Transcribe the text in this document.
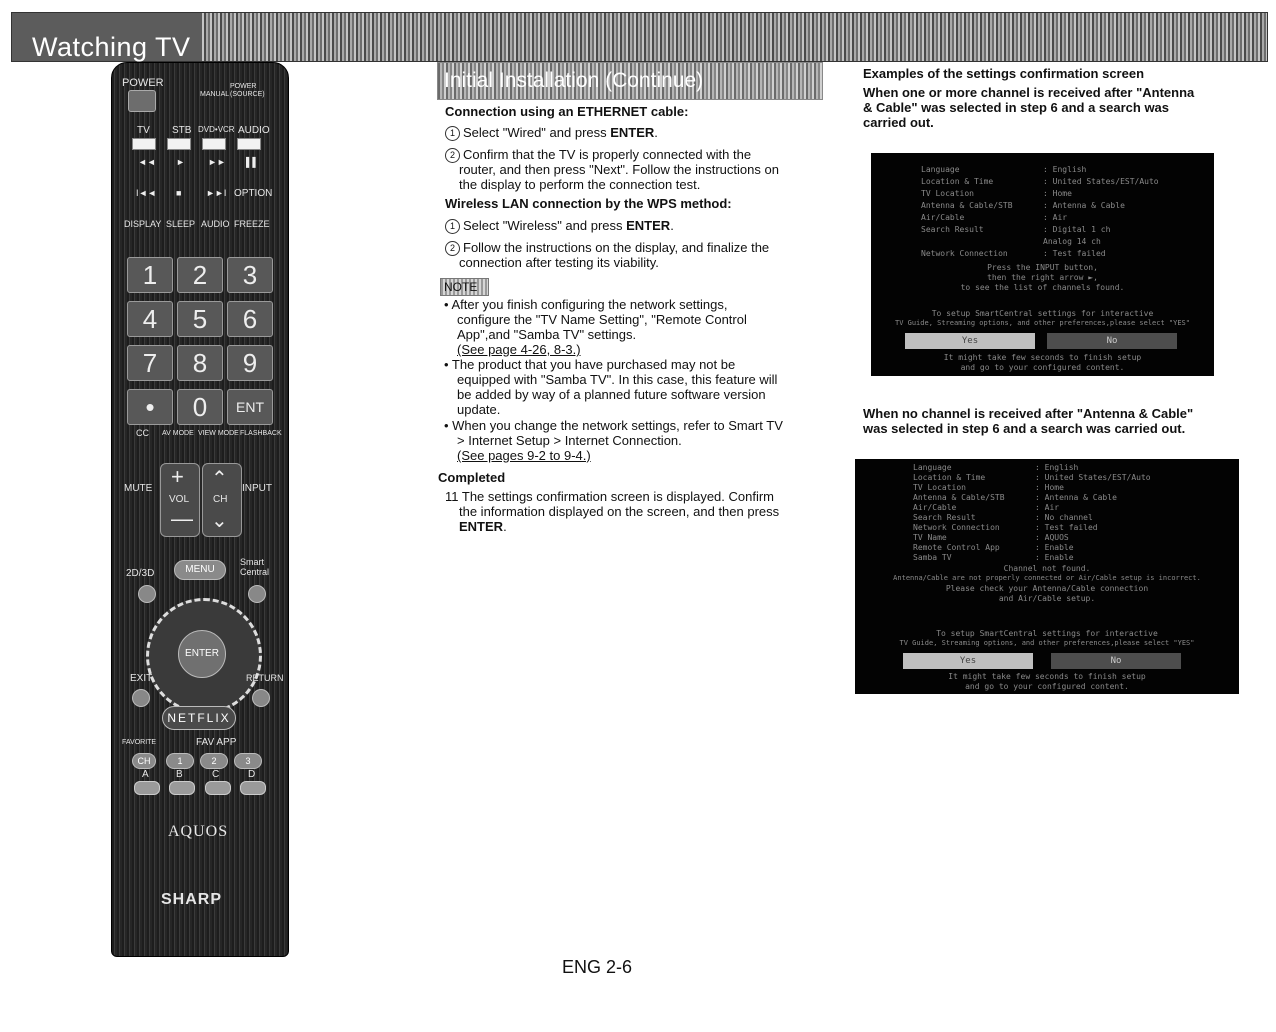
Watching TV
POWER
MANUAL
POWER (SOURCE)
TV STB DVD•VCR AUDIO
◄◄ ►	►► ▌▌
I◄◄ ■	►►I OPTION
DISPLAY SLEEP AUDIO FREEZE
1	2	3
4	5	6
7	8	9
•	0	ENT
CC AV MODE VIEW MODE FLASHBACK
MUTE +
VOL
—
⌃
CH
⌄
INPUT
2D/3D	MENU
Smart Central
ENTER
EXIT	RETURN
NETFLIX
FAVORITE	FAV APP
CH	1	2	3
A	B	C	D
AQUOS
SHARP
Initial Installation (Continue)
Connection using an ETHERNET cable:
1 Select "Wired" and press ENTER.
2 Confirm that the TV is properly connected with the
router, and then press "Next". Follow the instructions on
the display to perform the connection test.
Wireless LAN connection by the WPS method:
1 Select "Wireless" and press ENTER.
2 Follow the instructions on the display, and finalize the
connection after testing its viability.
NOTE
• After you finish configuring the network settings,
configure the "TV Name Setting", "Remote Control
App",and "Samba TV" settings.
(See page 4-26, 8-3.)
• The product that you have purchased may not be
equipped with "Samba TV". In this case, this feature will
be added by way of a planned future software version
update.
• When you change the network settings, refer to Smart TV
> Internet Setup > Internet Connection.
(See pages 9-2 to 9-4.)
Completed
11 The settings confirmation screen is displayed. Confirm
the information displayed on the screen, and then press
ENTER.
Examples of the settings confirmation screen
When one or more channel is received after "Antenna
& Cable" was selected in step 6 and a search was
carried out.
Language	: English
Location & Time	: United States/EST/Auto
TV Location	: Home
Antenna & Cable/STB	: Antenna & Cable
Air/Cable	: Air
Search Result	: Digital 1 ch
Analog 14 ch
Network Connection	: Test failed
Press the INPUT button,
then the right arrow ►,
to see the list of channels found.
To setup SmartCentral settings for interactive
TV Guide, Streaming options, and other preferences,please select "YES"
Yes	No
It might take few seconds to finish setup
and go to your configured content.
When no channel is received after "Antenna & Cable"
was selected in step 6 and a search was carried out.
Language	: English
Location & Time	: United States/EST/Auto
TV Location	: Home
Antenna & Cable/STB	: Antenna & Cable
Air/Cable	: Air
Search Result	: No channel
Network Connection	: Test failed
TV Name	: AQUOS
Remote Control App	: Enable
Samba TV	: Enable
Channel not found.
Antenna/Cable are not properly connected or Air/Cable setup is incorrect.
Please check your Antenna/Cable connection
and Air/Cable setup.
To setup SmartCentral settings for interactive
TV Guide, Streaming options, and other preferences,please select "YES"
Yes	No
It might take few seconds to finish setup
and go to your configured content.
ENG 2-6
